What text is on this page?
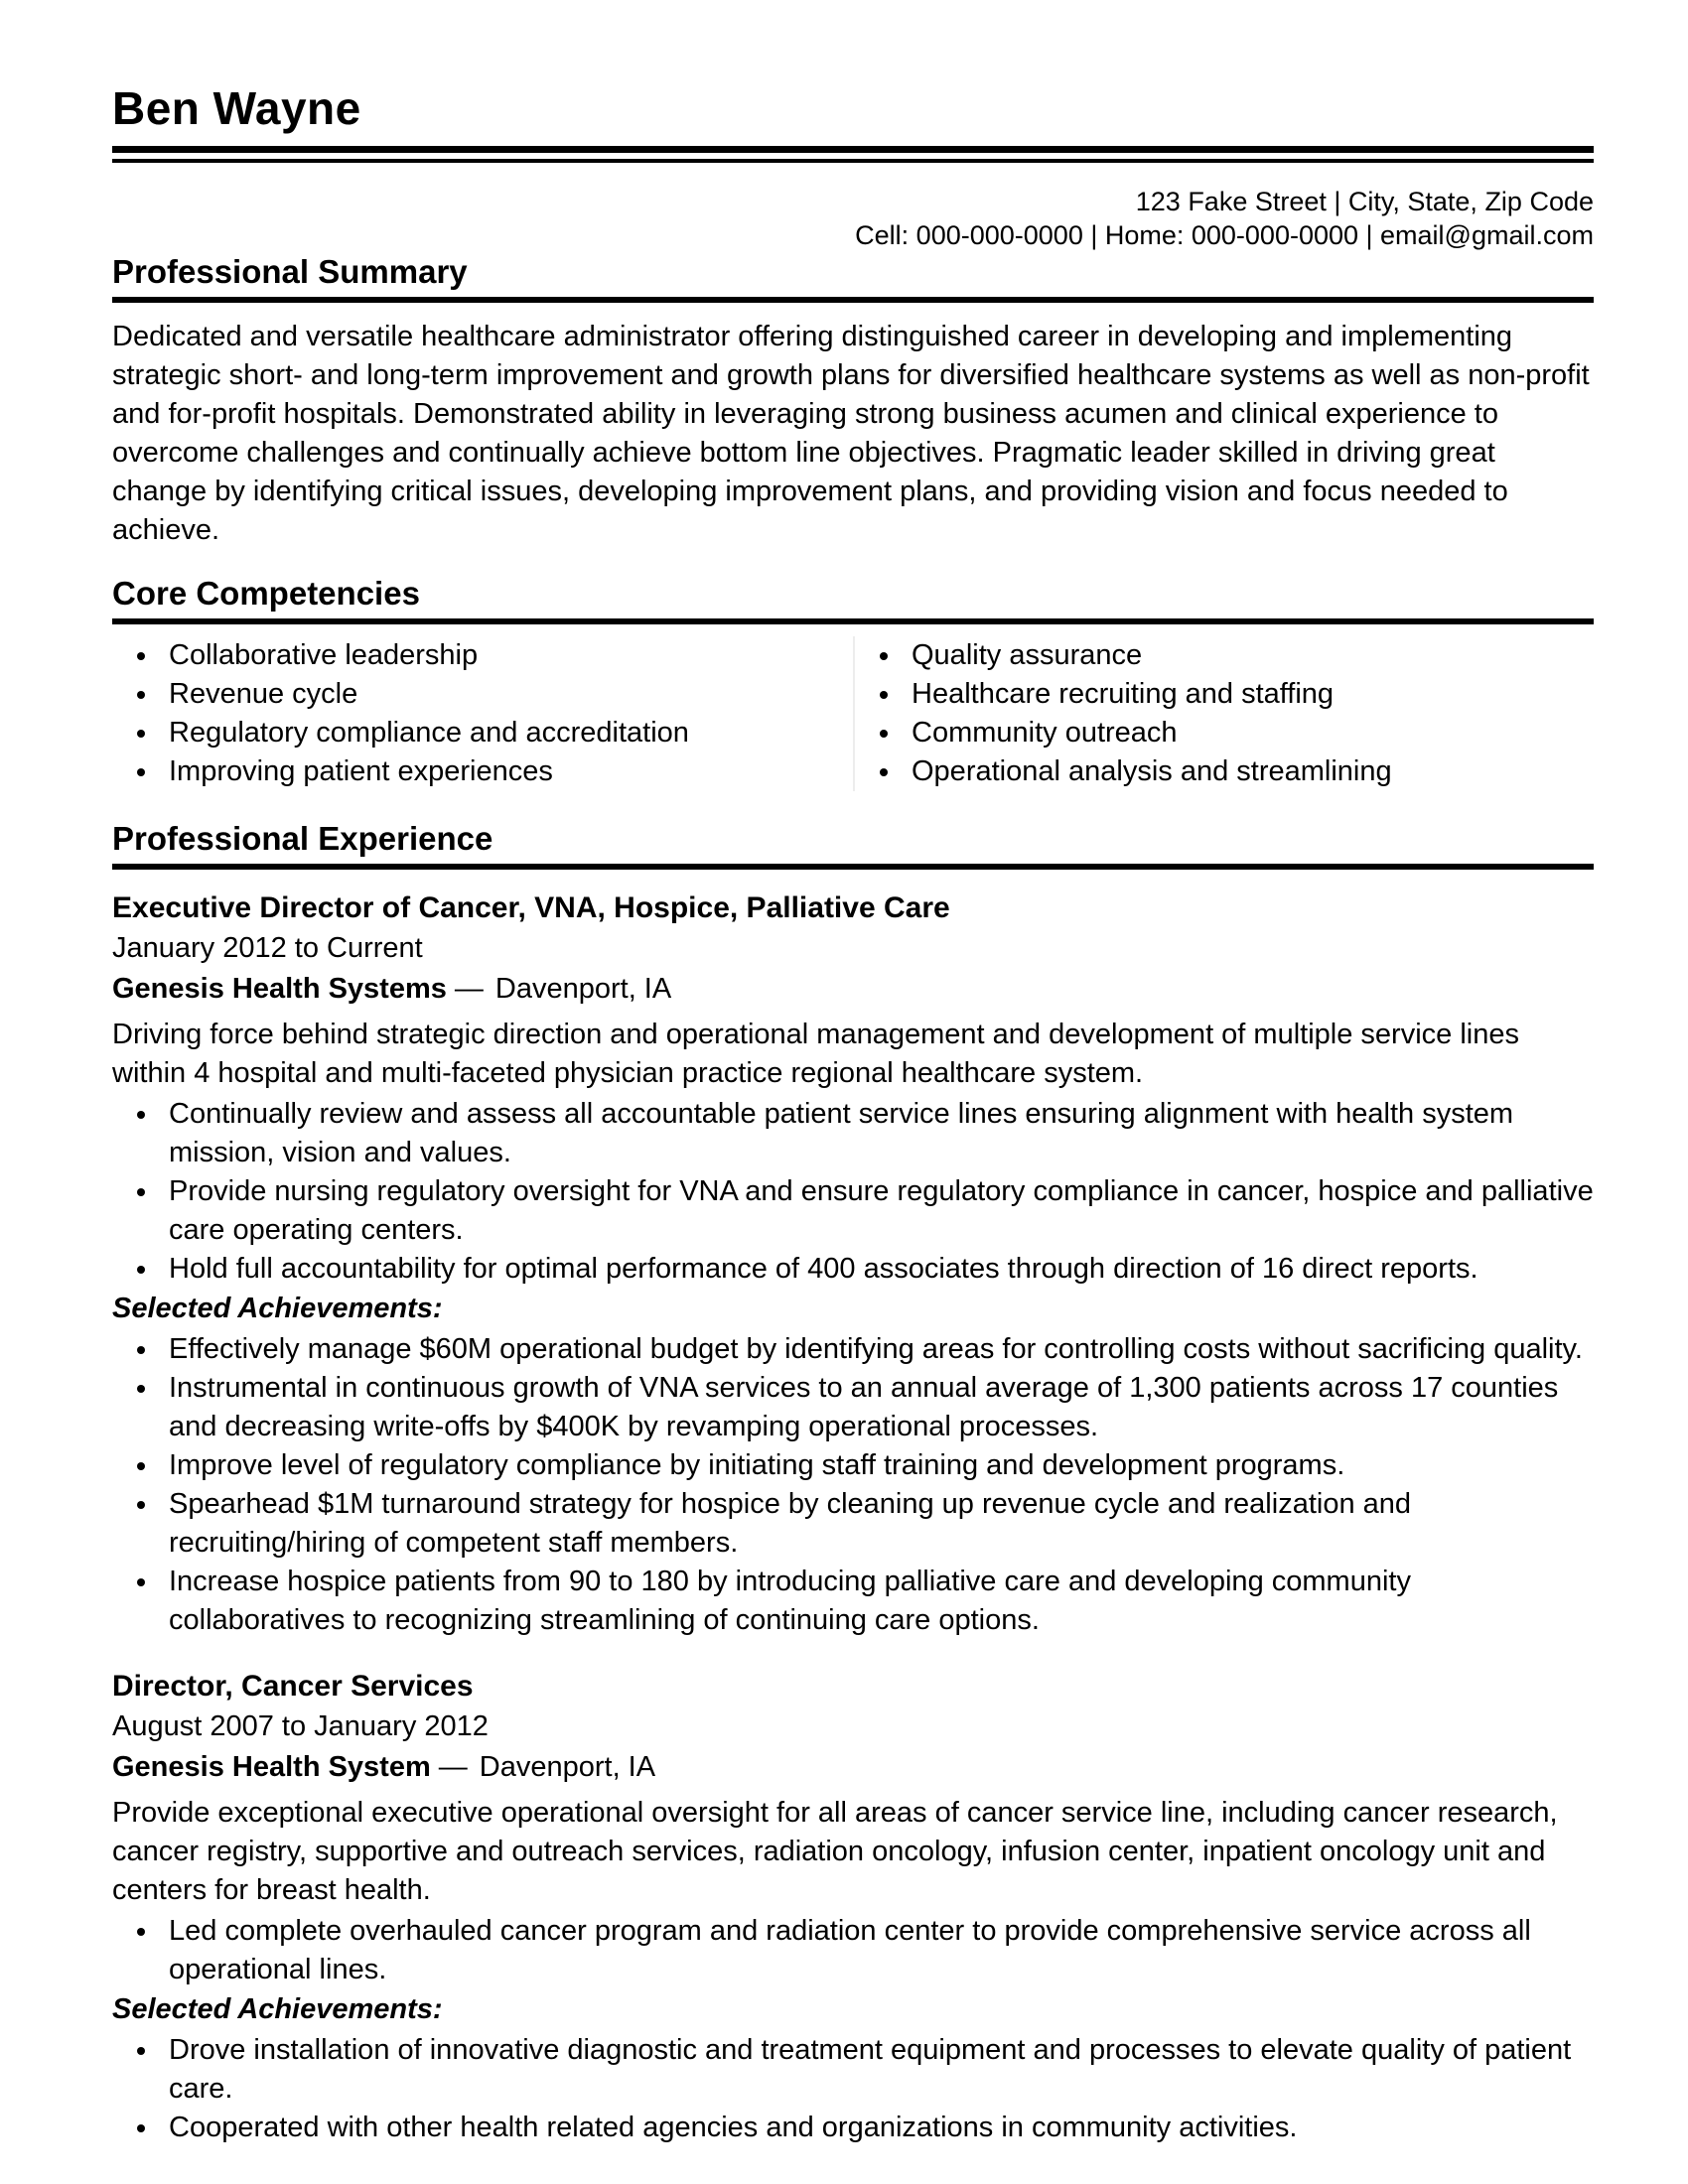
Ben Wayne
123 Fake Street | City, State, Zip Code
Cell: 000-000-0000 | Home: 000-000-0000 | email@gmail.com
Professional Summary

Dedicated and versatile healthcare administrator offering distinguished career in developing and implementing strategic short- and long-term improvement and growth plans for diversified healthcare systems as well as non-profit and for-profit hospitals. Demonstrated ability in leveraging strong business acumen and clinical experience to overcome challenges and continually achieve bottom line objectives. Pragmatic leader skilled in driving great change by identifying critical issues, developing improvement plans, and providing vision and focus needed to achieve.

Core Competencies
• Collaborative leadership
• Revenue cycle
• Regulatory compliance and accreditation
• Improving patient experiences
• Quality assurance
• Healthcare recruiting and staffing
• Community outreach
• Operational analysis and streamlining
Professional Experience
Executive Director of Cancer, VNA, Hospice, Palliative Care
January 2012 to Current
Genesis Health Systems — Davenport, IA

Driving force behind strategic direction and operational management and development of multiple service lines within 4 hospital and multi-faceted physician practice regional healthcare system.

• Continually review and assess all accountable patient service lines ensuring alignment with health system mission, vision and values.
• Provide nursing regulatory oversight for VNA and ensure regulatory compliance in cancer, hospice and palliative care operating centers.
• Hold full accountability for optimal performance of 400 associates through direction of 16 direct reports.
Selected Achievements:
• Effectively manage $60M operational budget by identifying areas for controlling costs without sacrificing quality.
• Instrumental in continuous growth of VNA services to an annual average of 1,300 patients across 17 counties and decreasing write-offs by $400K by revamping operational processes.
• Improve level of regulatory compliance by initiating staff training and development programs.
• Spearhead $1M turnaround strategy for hospice by cleaning up revenue cycle and realization and recruiting/hiring of competent staff members.
• Increase hospice patients from 90 to 180 by introducing palliative care and developing community collaboratives to recognizing streamlining of continuing care options.
Director, Cancer Services
August 2007 to January 2012
Genesis Health System — Davenport, IA

Provide exceptional executive operational oversight for all areas of cancer service line, including cancer research, cancer registry, supportive and outreach services, radiation oncology, infusion center, inpatient oncology unit and centers for breast health.

• Led complete overhauled cancer program and radiation center to provide comprehensive service across all operational lines.
Selected Achievements:
• Drove installation of innovative diagnostic and treatment equipment and processes to elevate quality of patient care.
• Cooperated with other health related agencies and organizations in community activities.
